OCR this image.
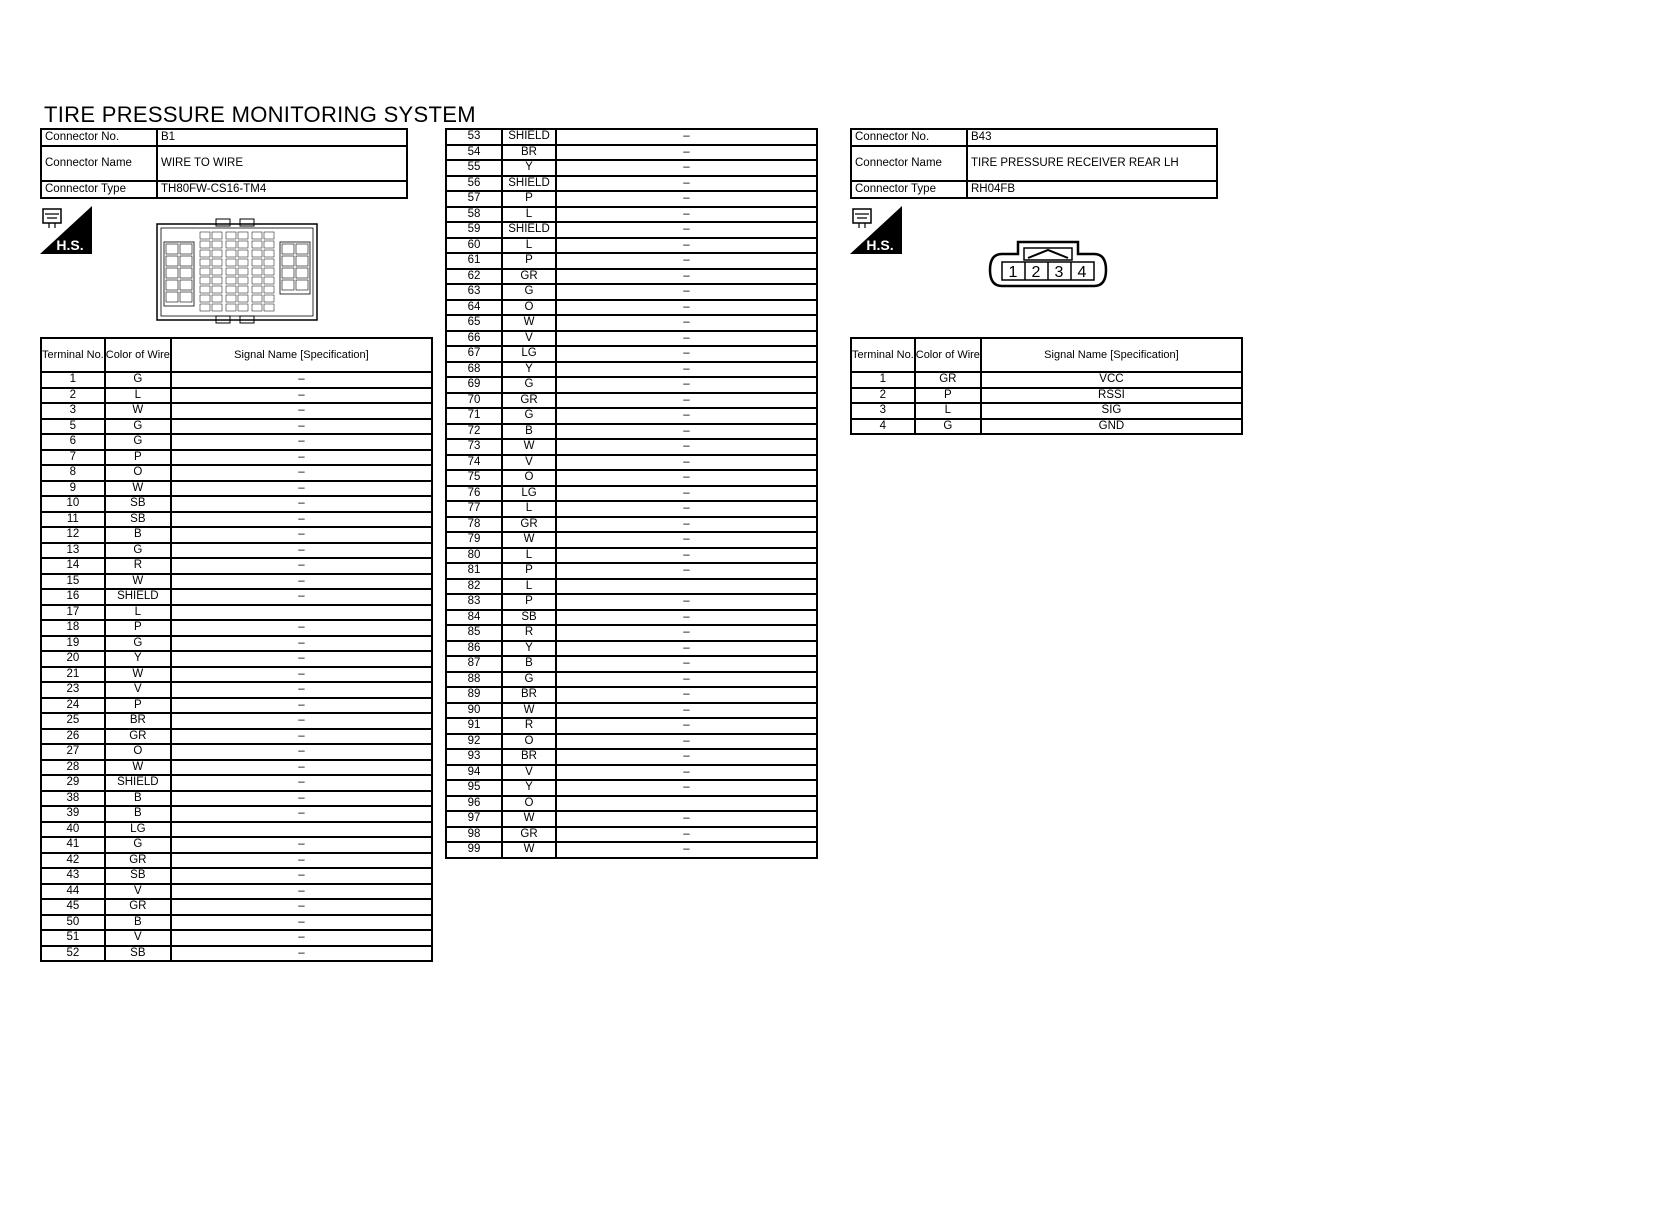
TIRE PRESSURE MONITORING SYSTEM
Connector No.	B1
Connector Name	WIRE TO WIRE
Connector Type	TH80FW-CS16-TM4
H.S.
Terminal No.	Color of Wire	Signal Name [Specification]
1	G	–
2	L	–
3	W	–
5	G	–
6	G	–
7	P	–
8	O	–
9	W	–
10	SB	–
11	SB	–
12	B	–
13	G	–
14	R	–
15	W	–
16	SHIELD	–
17	L	
18	P	–
19	G	–
20	Y	–
21	W	–
23	V	–
24	P	–
25	BR	–
26	GR	–
27	O	–
28	W	–
29	SHIELD	–
38	B	–
39	B	–
40	LG	
41	G	–
42	GR	–
43	SB	–
44	V	–
45	GR	–
50	B	–
51	V	–
52	SB	–
53	SHIELD	–
54	BR	–
55	Y	–
56	SHIELD	–
57	P	–
58	L	–
59	SHIELD	–
60	L	–
61	P	–
62	GR	–
63	G	–
64	O	–
65	W	–
66	V	–
67	LG	–
68	Y	–
69	G	–
70	GR	–
71	G	–
72	B	–
73	W	–
74	V	–
75	O	–
76	LG	–
77	L	–
78	GR	–
79	W	–
80	L	–
81	P	–
82	L	
83	P	–
84	SB	–
85	R	–
86	Y	–
87	B	–
88	G	–
89	BR	–
90	W	–
91	R	–
92	O	–
93	BR	–
94	V	–
95	Y	–
96	O	
97	W	–
98	GR	–
99	W	–
Connector No.	B43
Connector Name	TIRE PRESSURE RECEIVER REAR LH
Connector Type	RH04FB
H.S.
1 2 3 4
Terminal No.	Color of Wire	Signal Name [Specification]
1	GR	VCC
2	P	RSSI
3	L	SIG
4	G	GND
